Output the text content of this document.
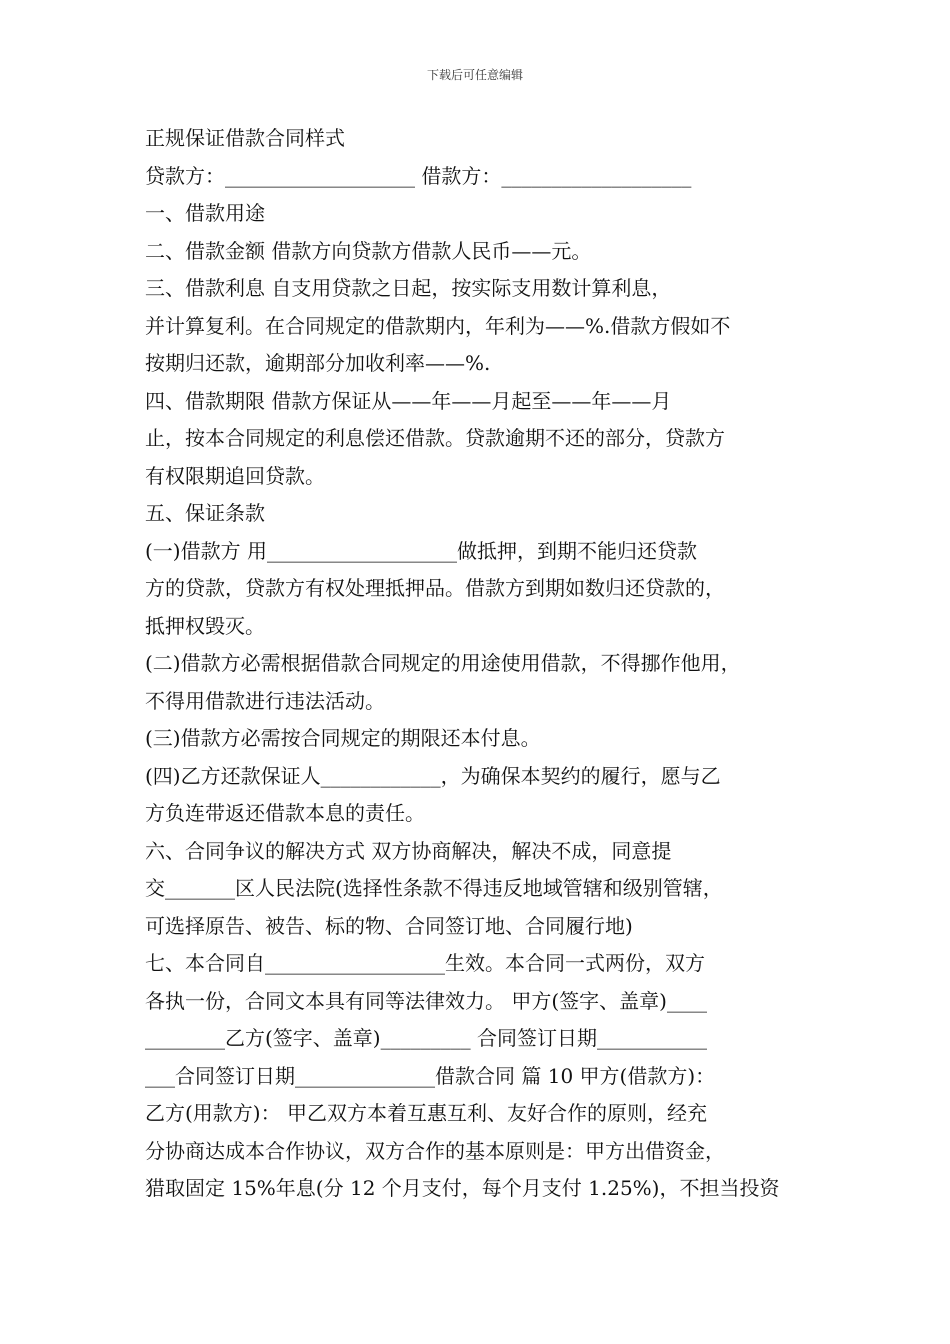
下载后可任意编辑
正规保证借款合同样式
贷款方：___________________ 借款方：___________________
一、借款用途
二、借款金额 借款方向贷款方借款人民币——元。
三、借款利息 自支用贷款之日起，按实际支用数计算利息，
并计算复利。在合同规定的借款期内，年利为——%.借款方假如不
按期归还款，逾期部分加收利率——%.
四、借款期限 借款方保证从——年——月起至——年——月
止，按本合同规定的利息偿还借款。贷款逾期不还的部分，贷款方
有权限期追回贷款。
五、保证条款
(一)借款方 用___________________做抵押，到期不能归还贷款
方的贷款，贷款方有权处理抵押品。借款方到期如数归还贷款的，
抵押权毁灭。
(二)借款方必需根据借款合同规定的用途使用借款，不得挪作他用，
不得用借款进行违法活动。
(三)借款方必需按合同规定的期限还本付息。
(四)乙方还款保证人____________，为确保本契约的履行，愿与乙
方负连带返还借款本息的责任。
六、合同争议的解决方式 双方协商解决，解决不成，同意提
交_______区人民法院(选择性条款不得违反地域管辖和级别管辖，
可选择原告、被告、标的物、合同签订地、合同履行地)
七、本合同自__________________生效。本合同一式两份，双方
各执一份，合同文本具有同等法律效力。 甲方(签字、盖章)____
________乙方(签字、盖章)_________ 合同签订日期___________
___合同签订日期______________借款合同 篇 10 甲方(借款方)：
乙方(用款方)： 甲乙双方本着互惠互利、友好合作的原则，经充
分协商达成本合作协议，双方合作的基本原则是：甲方出借资金，
猎取固定 15%年息(分 12 个月支付，每个月支付 1.25%)，不担当投资
